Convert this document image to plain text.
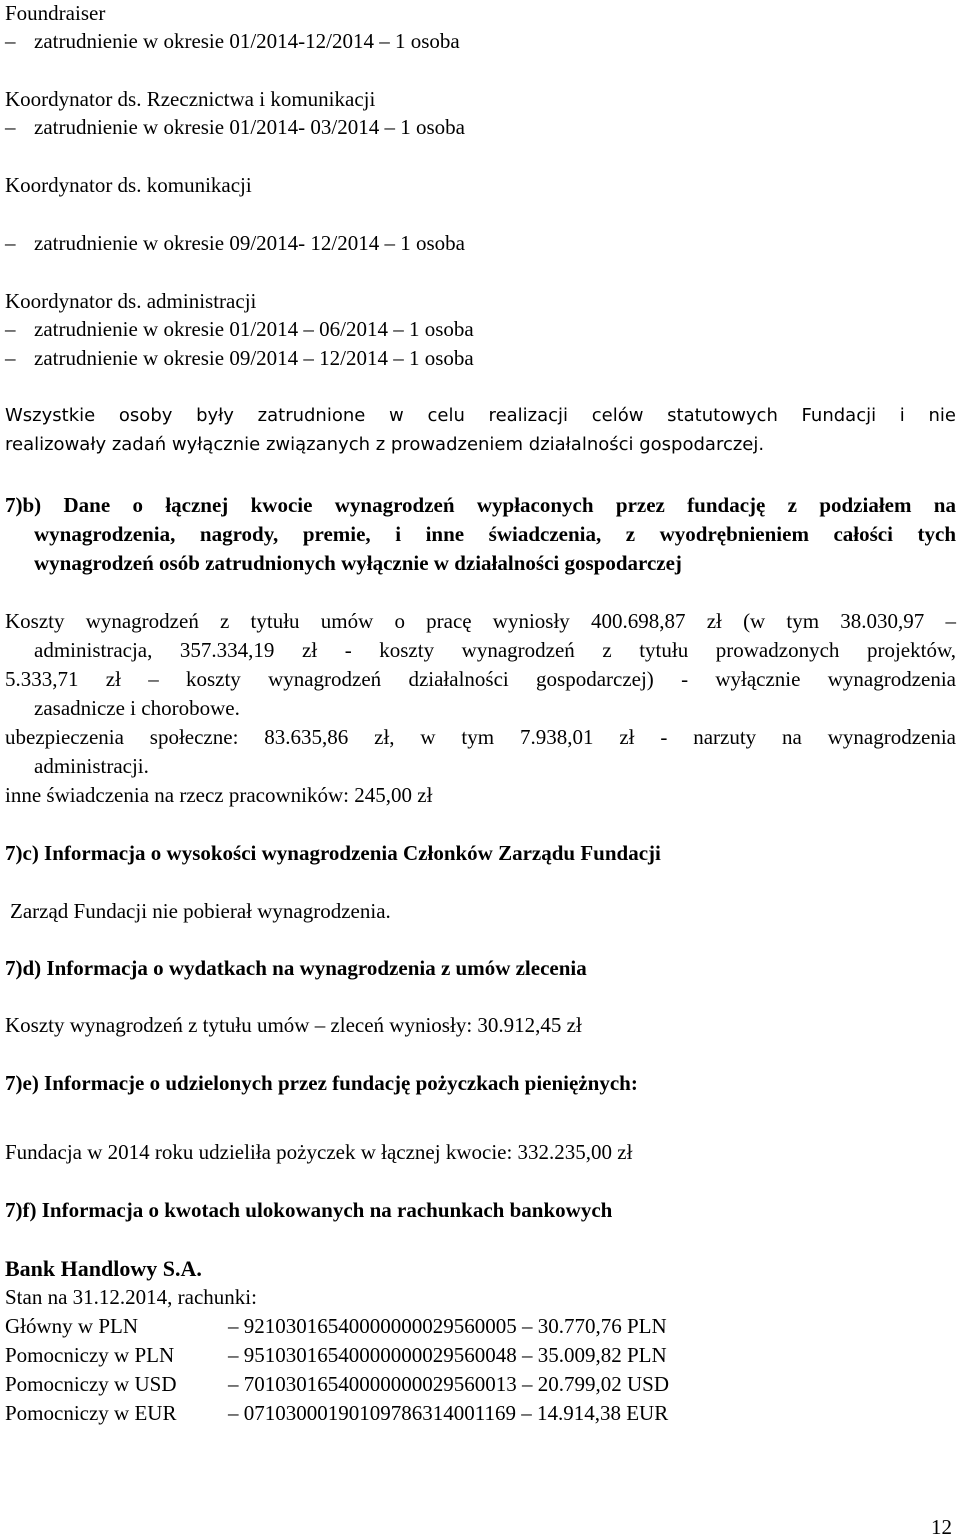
Foundraiser
– zatrudnienie w okresie 01/2014-12/2014 – 1 osoba
Koordynator ds. Rzecznictwa i komunikacji
– zatrudnienie w okresie 01/2014- 03/2014 – 1 osoba
Koordynator ds. komunikacji
– zatrudnienie w okresie 09/2014- 12/2014 – 1 osoba
Koordynator ds. administracji
– zatrudnienie w okresie 01/2014 – 06/2014 – 1 osoba
– zatrudnienie w okresie 09/2014 – 12/2014 – 1 osoba
Wszystkie osoby były zatrudnione w celu realizacji celów statutowych Fundacji i nie
realizowały zadań wyłącznie związanych z prowadzeniem działalności gospodarczej.
7)b) Dane o łącznej kwocie wynagrodzeń wypłaconych przez fundację z podziałem na
wynagrodzenia, nagrody, premie, i inne świadczenia, z wyodrębnieniem całości tych
wynagrodzeń osób zatrudnionych wyłącznie w działalności gospodarczej
Koszty wynagrodzeń z tytułu umów o pracę wyniosły 400.698,87 zł (w tym 38.030,97 –
administracja, 357.334,19 zł - koszty wynagrodzeń z tytułu prowadzonych projektów,
5.333,71 zł – koszty wynagrodzeń działalności gospodarczej) - wyłącznie wynagrodzenia
zasadnicze i chorobowe.
ubezpieczenia społeczne: 83.635,86 zł, w tym 7.938,01 zł - narzuty na wynagrodzenia
administracji.
inne świadczenia na rzecz pracowników: 245,00 zł
7)c) Informacja o wysokości wynagrodzenia Członków Zarządu Fundacji
Zarząd Fundacji nie pobierał wynagrodzenia.
7)d) Informacja o wydatkach na wynagrodzenia z umów zlecenia
Koszty wynagrodzeń z tytułu umów – zleceń wyniosły: 30.912,45 zł
7)e) Informacje o udzielonych przez fundację pożyczkach pieniężnych:
Fundacja w 2014 roku udzieliła pożyczek w łącznej kwocie: 332.235,00 zł
7)f) Informacja o kwotach ulokowanych na rachunkach bankowych
Bank Handlowy S.A.
Stan na 31.12.2014, rachunki:
Główny w PLN	– 92103016540000000029560005 – 30.770,76 PLN
Pomocniczy w PLN	– 95103016540000000029560048 – 35.009,82 PLN
Pomocniczy w USD – 70103016540000000029560013 – 20.799,02 USD
Pomocniczy w EUR – 07103000190109786314001169 – 14.914,38 EUR
12
